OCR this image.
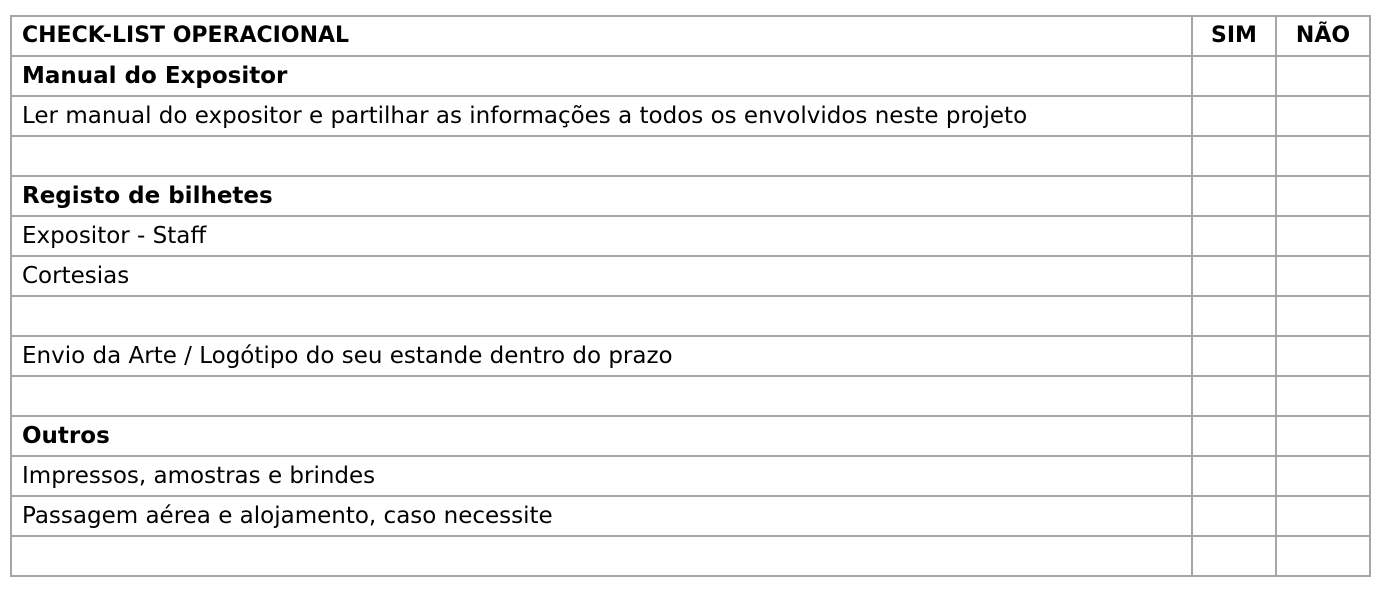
CHECK-LIST OPERACIONAL	SIM	NÃO
Manual do Expositor		
Ler manual do expositor e partilhar as informações a todos os envolvidos neste projeto		

Registo de bilhetes		
Expositor - Staff		
Cortesias		

Envio da Arte / Logótipo do seu estande dentro do prazo		

Outros		
Impressos, amostras e brindes		
Passagem aérea e alojamento, caso necessite		
